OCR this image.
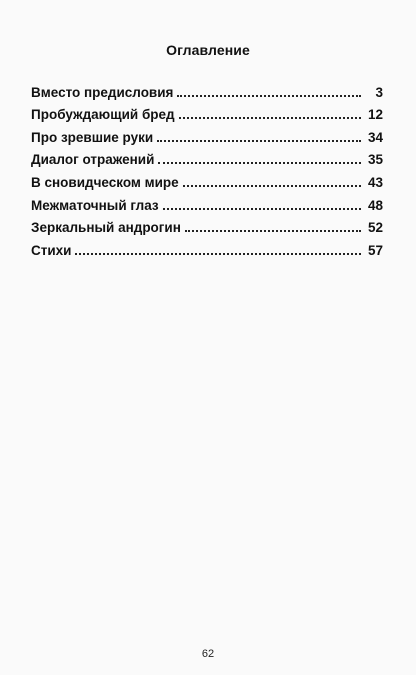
Оглавление
Вместо предисловия	3
Пробуждающий бред	12
Про зревшие руки	34
Диалог отражений	35
В сновидческом мире	43
Межматочный глаз	48
Зеркальный андрогин	52
Стихи	57
62
